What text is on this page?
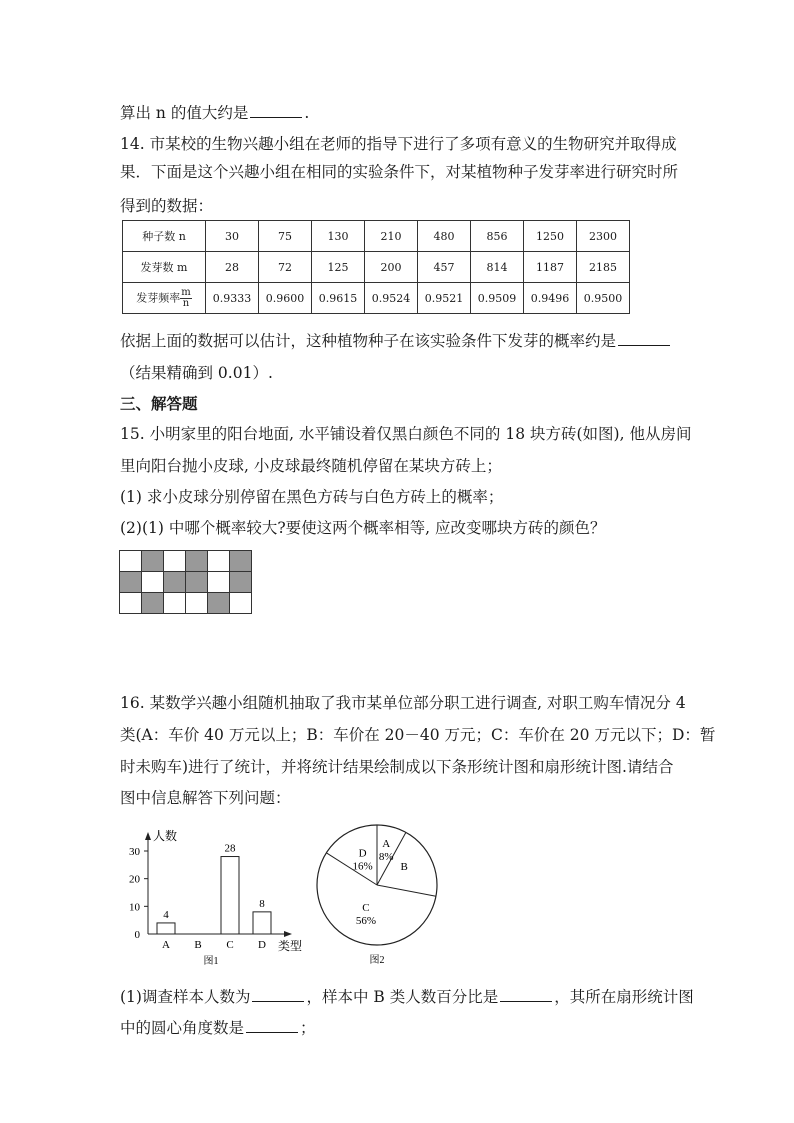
算出 n 的值大约是	.
14. 市某校的生物兴趣小组在老师的指导下进行了多项有意义的生物研究并取得成
果．下面是这个兴趣小组在相同的实验条件下，对某植物种子发芽率进行研究时所
得到的数据：
种子数 n	30	75	130	210	480	856	1250	2300
发芽数 m	28	72	125	200	457	814	1187	2185
发芽频率 $\frac{m}{n}$	0.9333	0.9600	0.9615	0.9524	0.9521	0.9509	0.9496	0.9500
依据上面的数据可以估计，这种植物种子在该实验条件下发芽的概率约是
（结果精确到 0.01）.
三、解答题
15. 小明家里的阳台地面, 水平铺设着仅黑白颜色不同的 18 块方砖(如图), 他从房间
里向阳台抛小皮球, 小皮球最终随机停留在某块方砖上；
(1) 求小皮球分别停留在黑色方砖与白色方砖上的概率；
(2)(1) 中哪个概率较大?要使这两个概率相等, 应改变哪块方砖的颜色？
16. 某数学兴趣小组随机抽取了我市某单位部分职工进行调查, 对职工购车情况分 4
类(A：车价 40 万元以上；B：车价在 20－40 万元；C：车价在 20 万元以下；D：暂
时未购车)进行了统计，并将统计结果绘制成以下条形统计图和扇形统计图.请结合
图中信息解答下列问题：
0
10
20
30
人数
类型
4
A B
28
C
8
D
图1
A
8%
B
C
56%
D
16%
图2
(1)调查样本人数为	，样本中 B 类人数百分比是	，其所在扇形统计图
中的圆心角度数是	；
